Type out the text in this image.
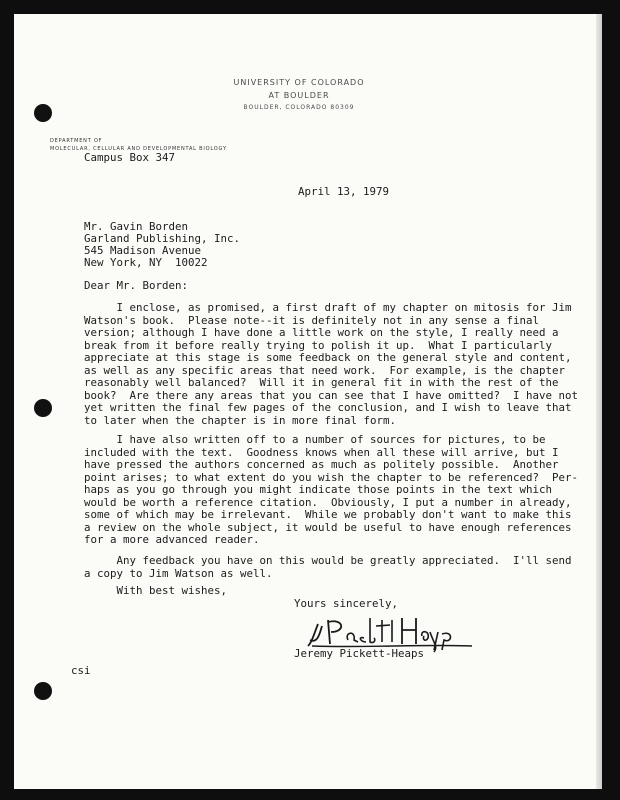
UNIVERSITY OF COLORADO
AT BOULDER
BOULDER, COLORADO 80309
DEPARTMENT OF
MOLECULAR, CELLULAR AND DEVELOPMENTAL BIOLOGY
Campus Box 347
April 13, 1979
Mr. Gavin Borden
Garland Publishing, Inc.
545 Madison Avenue
New York, NY  10022
Dear Mr. Borden:
I enclose, as promised, a first draft of my chapter on mitosis for Jim
Watson's book.  Please note--it is definitely not in any sense a final
version; although I have done a little work on the style, I really need a
break from it before really trying to polish it up.  What I particularly
appreciate at this stage is some feedback on the general style and content,
as well as any specific areas that need work.  For example, is the chapter
reasonably well balanced?  Will it in general fit in with the rest of the
book?  Are there any areas that you can see that I have omitted?  I have not
yet written the final few pages of the conclusion, and I wish to leave that
to later when the chapter is in more final form.
I have also written off to a number of sources for pictures, to be
included with the text.  Goodness knows when all these will arrive, but I
have pressed the authors concerned as much as politely possible.  Another
point arises; to what extent do you wish the chapter to be referenced?  Per-
haps as you go through you might indicate those points in the text which
would be worth a reference citation.  Obviously, I put a number in already,
some of which may be irrelevant.  While we probably don't want to make this
a review on the whole subject, it would be useful to have enough references
for a more advanced reader.
Any feedback you have on this would be greatly appreciated.  I'll send
a copy to Jim Watson as well.
With best wishes,
Yours sincerely,
Jeremy Pickett-Heaps
csi
